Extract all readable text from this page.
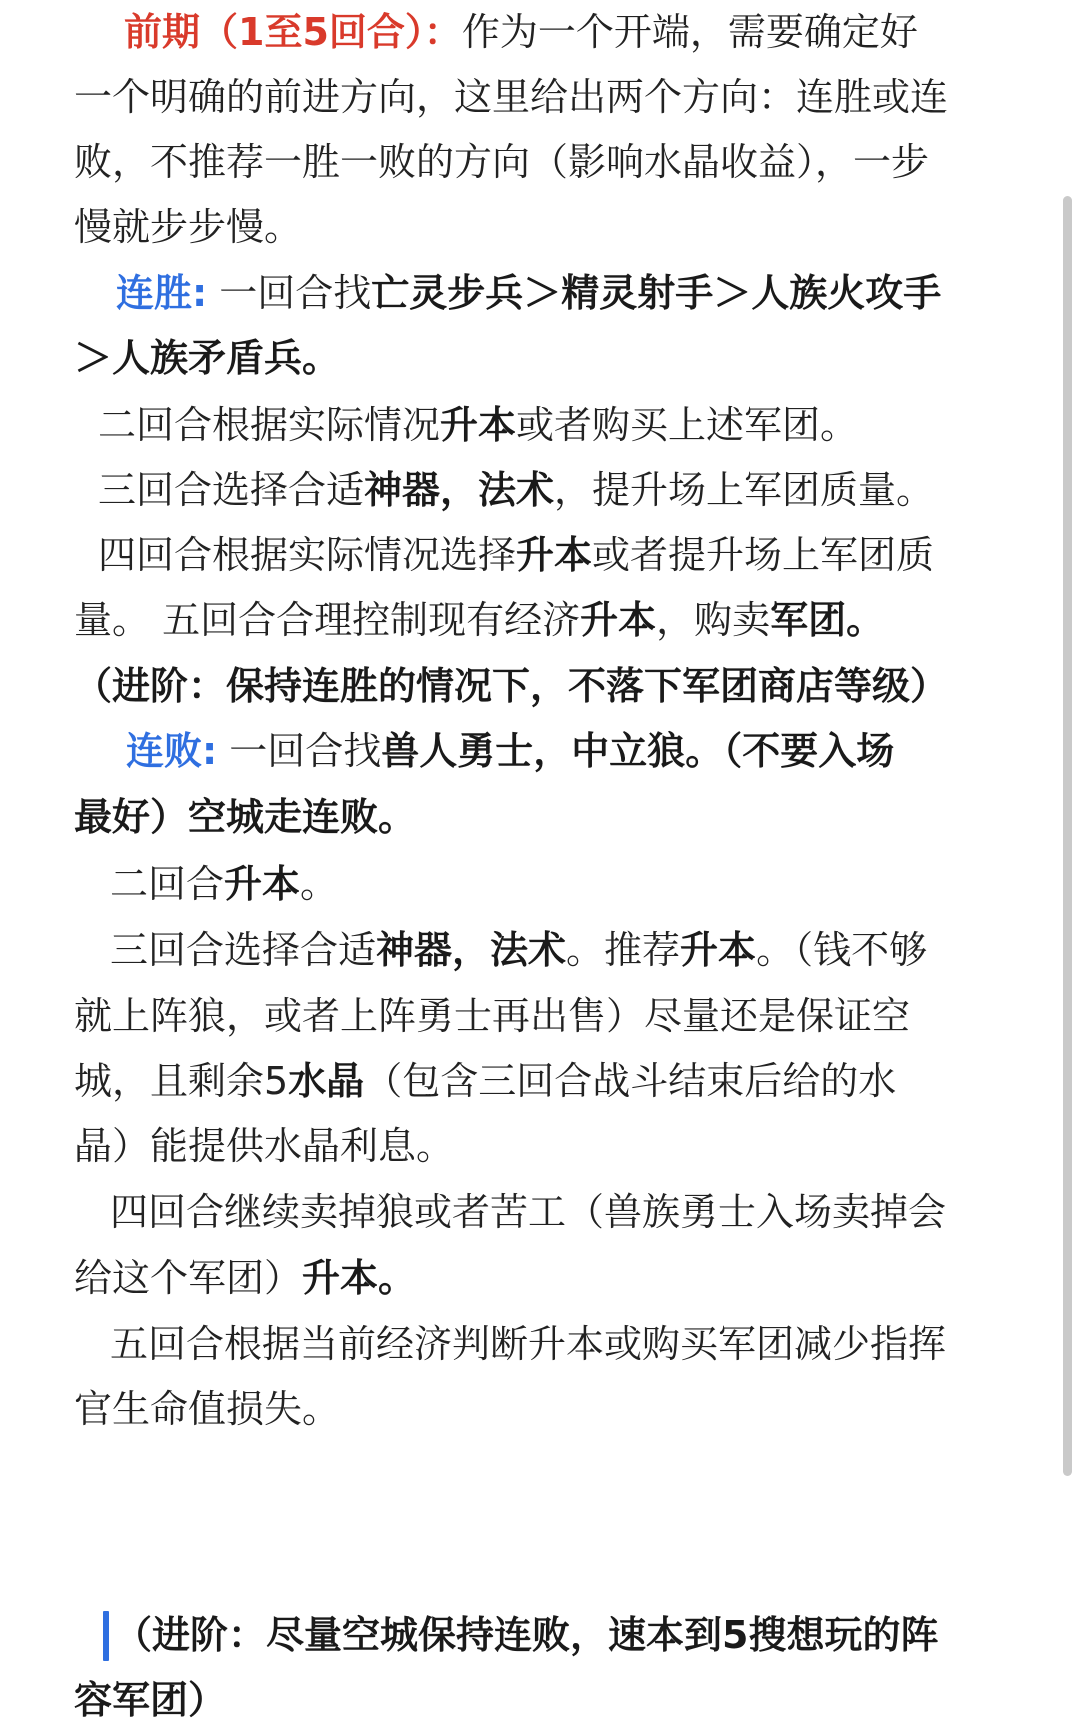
前期（1至5回合）：作为一个开端，需要确定好
一个明确的前进方向，这里给出两个方向：连胜或连
败，不推荐一胜一败的方向（影响水晶收益），一步
慢就步步慢。
连胜: 一回合找亡灵步兵＞精灵射手＞人族火攻手
＞人族矛盾兵。
二回合根据实际情况升本或者购买上述军团。
三回合选择合适神器，法术，提升场上军团质量。
四回合根据实际情况选择升本或者提升场上军团质
量。 五回合合理控制现有经济升本，购卖军团。
（进阶：保持连胜的情况下，不落下军团商店等级）
连败: 一回合找兽人勇士，中立狼。（不要入场
最好）空城走连败。
二回合升本。
三回合选择合适神器，法术。推荐升本。（钱不够
就上阵狼，或者上阵勇士再出售）尽量还是保证空
城，且剩余5水晶（包含三回合战斗结束后给的水
晶）能提供水晶利息。
四回合继续卖掉狼或者苦工（兽族勇士入场卖掉会
给这个军团）升本。
五回合根据当前经济判断升本或购买军团减少指挥
官生命值损失。
（进阶：尽量空城保持连败，速本到5搜想玩的阵
容军团）
